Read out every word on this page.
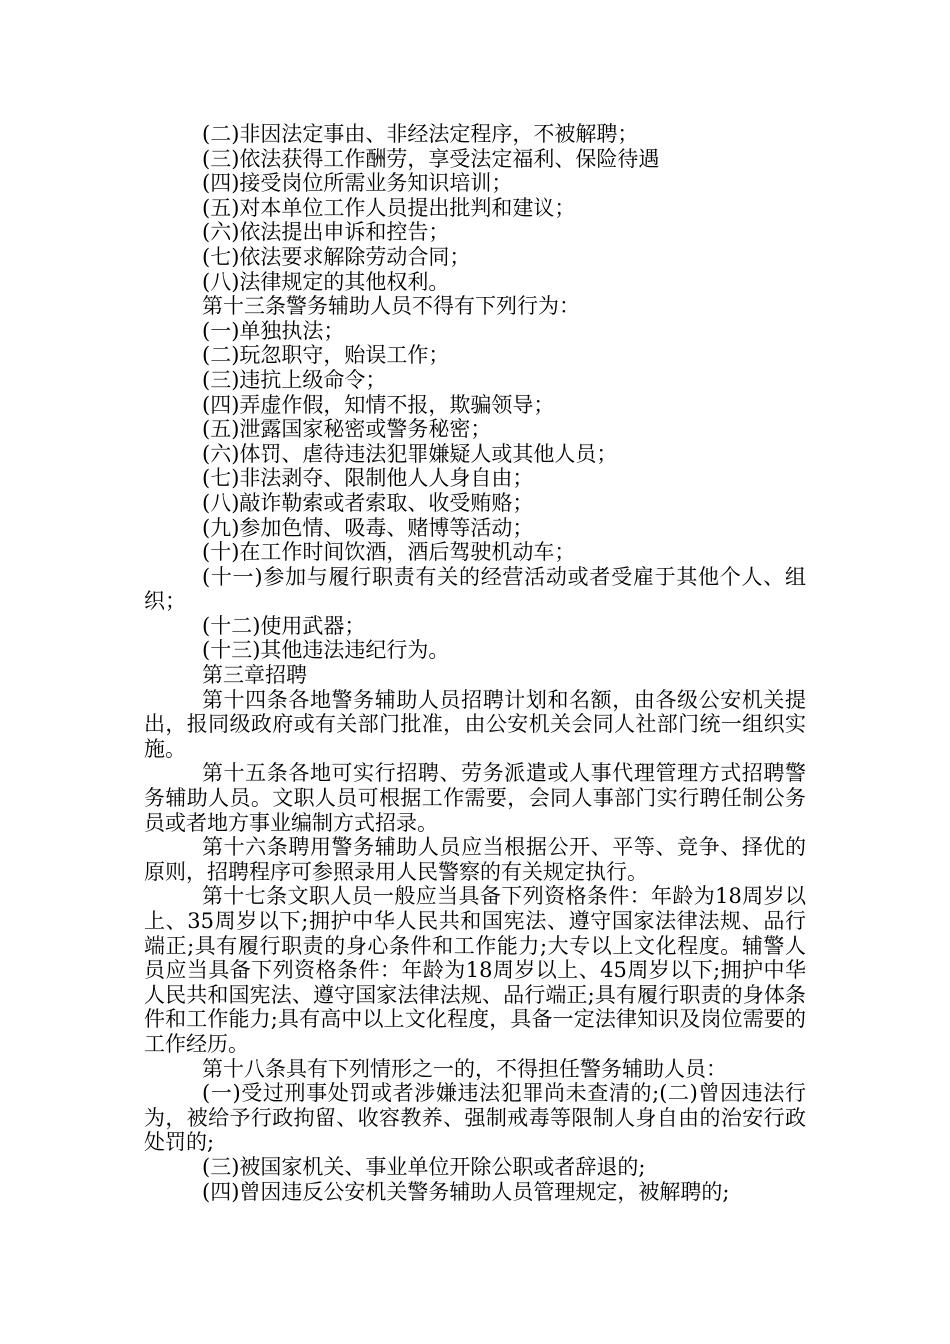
(二)非因法定事由、非经法定程序，不被解聘；

(三)依法获得工作酬劳，享受法定福利、保险待遇

(四)接受岗位所需业务知识培训；

(五)对本单位工作人员提出批判和建议；

(六)依法提出申诉和控告；

(七)依法要求解除劳动合同；

(八)法律规定的其他权利。

第十三条警务辅助人员不得有下列行为：

(一)单独执法；

(二)玩忽职守，贻误工作；

(三)违抗上级命令；

(四)弄虚作假，知情不报，欺骗领导；

(五)泄露国家秘密或警务秘密；

(六)体罚、虐待违法犯罪嫌疑人或其他人员；

(七)非法剥夺、限制他人人身自由；

(八)敲诈勒索或者索取、收受贿赂；

(九)参加色情、吸毒、赌博等活动；

(十)在工作时间饮酒，酒后驾驶机动车；

(十一)参加与履行职责有关的经营活动或者受雇于其他个人、组织；

(十二)使用武器；

(十三)其他违法违纪行为。

第三章招聘

第十四条各地警务辅助人员招聘计划和名额，由各级公安机关提出，报同级政府或有关部门批准，由公安机关会同人社部门统一组织实施。

第十五条各地可实行招聘、劳务派遣或人事代理管理方式招聘警务辅助人员。文职人员可根据工作需要，会同人事部门实行聘任制公务员或者地方事业编制方式招录。

第十六条聘用警务辅助人员应当根据公开、平等、竞争、择优的原则，招聘程序可参照录用人民警察的有关规定执行。

第十七条文职人员一般应当具备下列资格条件：年龄为18周岁以上、35周岁以下;拥护中华人民共和国宪法、遵守国家法律法规、品行端正;具有履行职责的身心条件和工作能力;大专以上文化程度。辅警人员应当具备下列资格条件：年龄为18周岁以上、45周岁以下;拥护中华人民共和国宪法、遵守国家法律法规、品行端正;具有履行职责的身体条件和工作能力;具有高中以上文化程度，具备一定法律知识及岗位需要的工作经历。

第十八条具有下列情形之一的，不得担任警务辅助人员：

(一)受过刑事处罚或者涉嫌违法犯罪尚未查清的;(二)曾因违法行为，被给予行政拘留、收容教养、强制戒毒等限制人身自由的治安行政处罚的;

(三)被国家机关、事业单位开除公职或者辞退的;

(四)曾因违反公安机关警务辅助人员管理规定，被解聘的;
